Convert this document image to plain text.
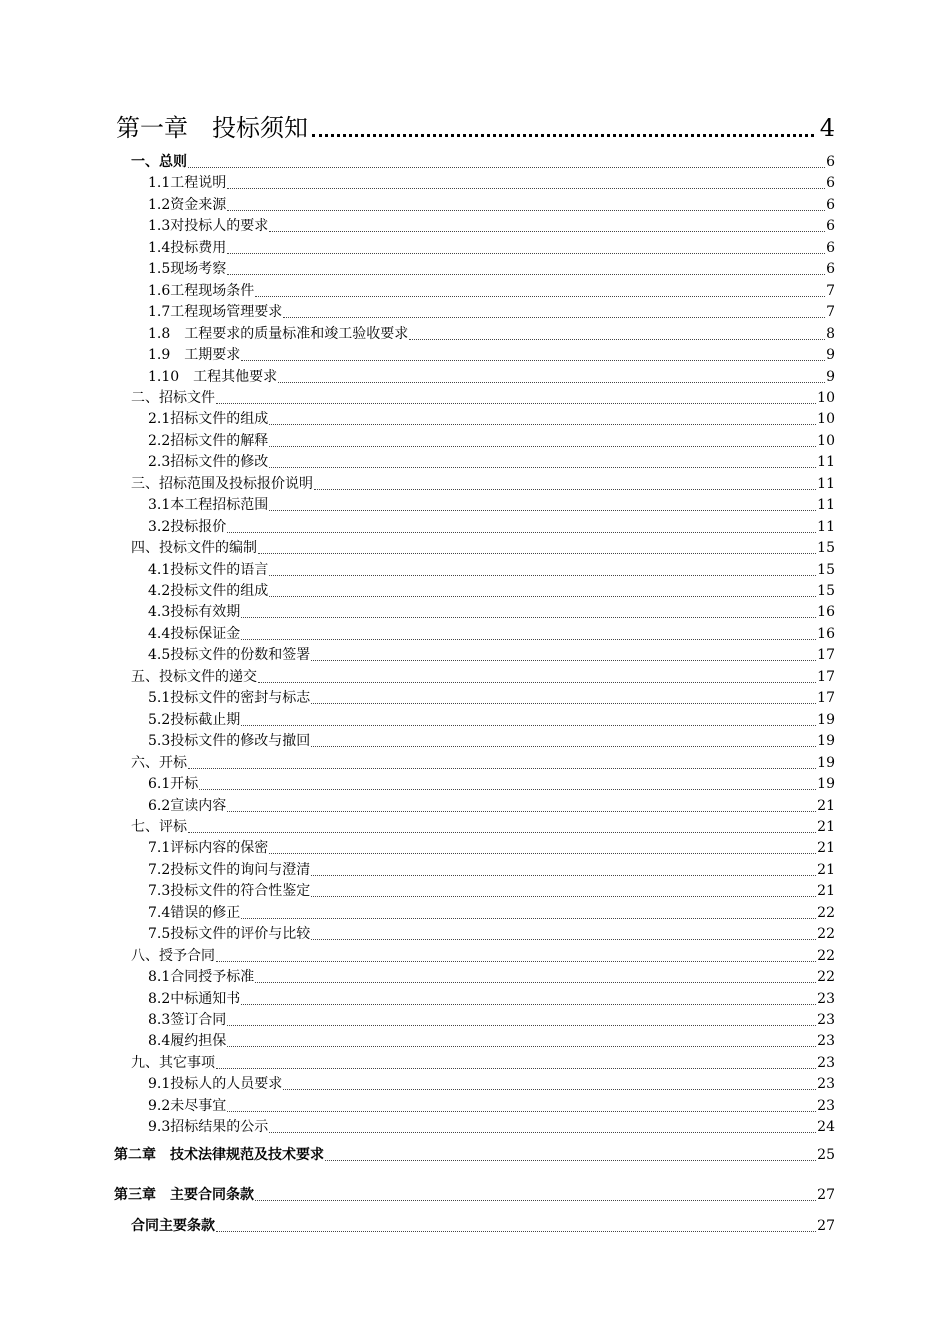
第一章　投标须知	4
一、总则	6
1.1工程说明	6
1.2资金来源	6
1.3对投标人的要求	6
1.4投标费用	6
1.5现场考察	6
1.6工程现场条件	7
1.7工程现场管理要求	7
1.8　工程要求的质量标准和竣工验收要求	8
1.9　工期要求	9
1.10　工程其他要求	9
二、招标文件	10
2.1招标文件的组成	10
2.2招标文件的解释	10
2.3招标文件的修改	11
三、招标范围及投标报价说明	11
3.1本工程招标范围	11
3.2投标报价	11
四、投标文件的编制	15
4.1投标文件的语言	15
4.2投标文件的组成	15
4.3投标有效期	16
4.4投标保证金	16
4.5投标文件的份数和签署	17
五、投标文件的递交	17
5.1投标文件的密封与标志	17
5.2投标截止期	19
5.3投标文件的修改与撤回	19
六、开标	19
6.1开标	19
6.2宣读内容	21
七、评标	21
7.1评标内容的保密	21
7.2投标文件的询问与澄清	21
7.3投标文件的符合性鉴定	21
7.4错误的修正	22
7.5投标文件的评价与比较	22
八、授予合同	22
8.1合同授予标准	22
8.2中标通知书	23
8.3签订合同	23
8.4履约担保	23
九、其它事项	23
9.1投标人的人员要求	23
9.2未尽事宜	23
9.3招标结果的公示	24
第二章　技术法律规范及技术要求	25
第三章　主要合同条款	27
合同主要条款	27
